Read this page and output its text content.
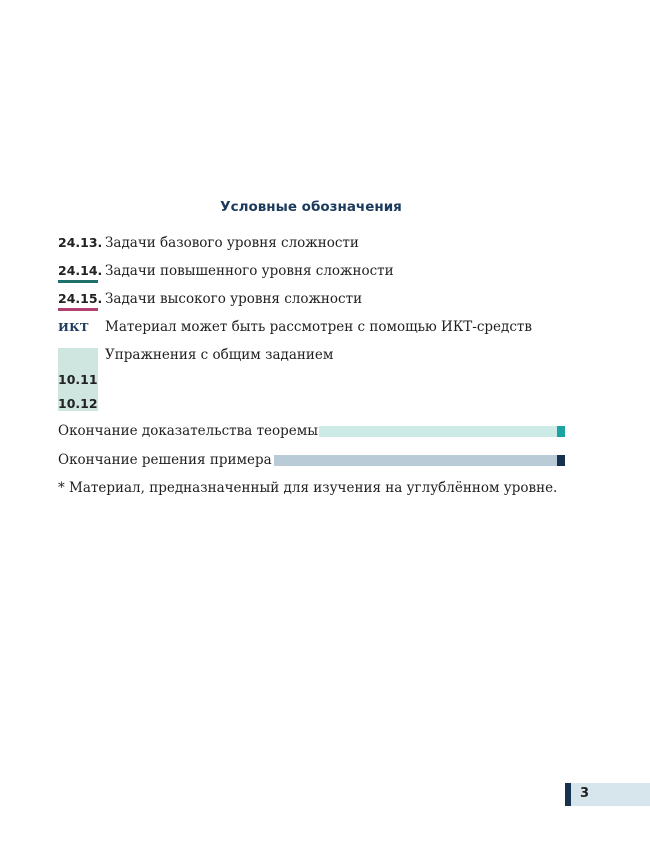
Условные обозначения
24.13. Задачи базового уровня сложности
24.14. Задачи повышенного уровня сложности
24.15. Задачи высокого уровня сложности
ИКТ Материал может быть рассмотрен с помощью ИКТ-средств
Упражнения с общим заданием
10.11
10.12
Окончание доказательства теоремы
Окончание решения примера
* Материал, предназначенный для изучения на углублённом уровне.
3
